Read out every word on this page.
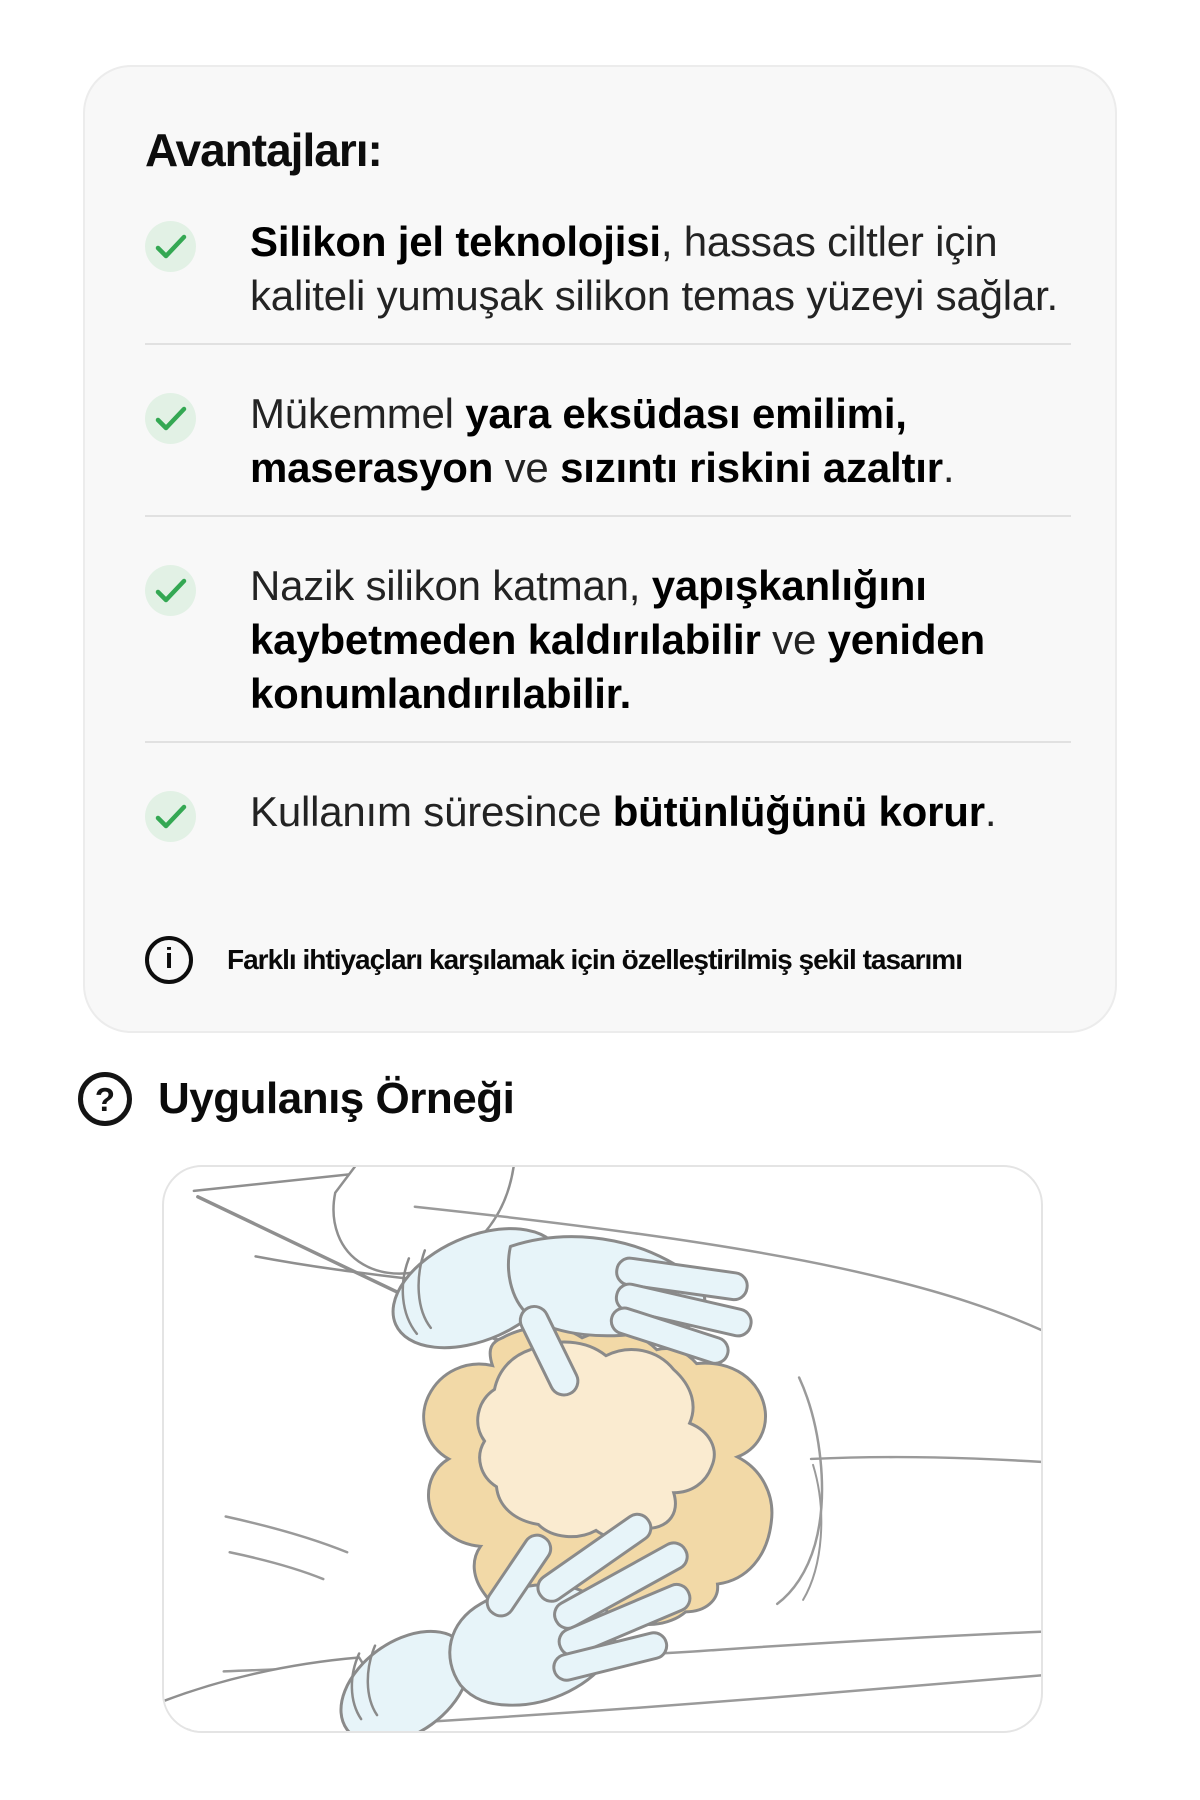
Avantajları:
Silikon jel teknolojisi, hassas ciltler için
kaliteli yumuşak silikon temas yüzeyi sağlar.
Mükemmel yara eksüdası emilimi,
maserasyon ve sızıntı riskini azaltır.
Nazik silikon katman, yapışkanlığını
kaybetmeden kaldırılabilir ve yeniden
konumlandırılabilir.
Kullanım süresince bütünlüğünü korur.
i Farklı ihtiyaçları karşılamak için özelleştirilmiş şekil tasarımı
? Uygulanış Örneği
